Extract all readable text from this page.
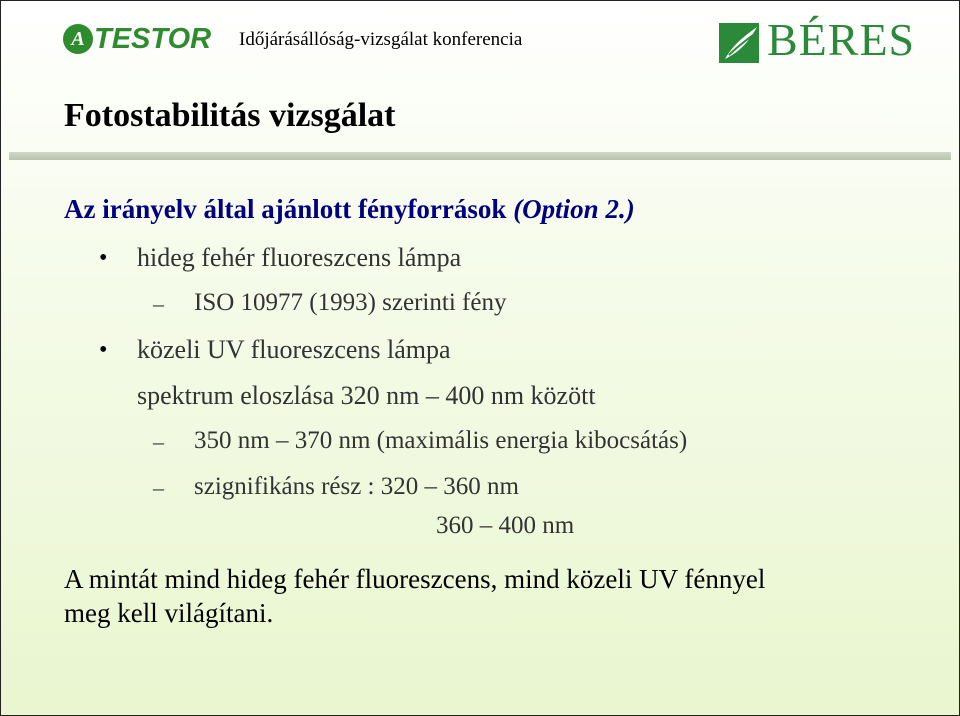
A TESTOR Időjárásállóság-vizsgálat konferencia	BÉRES
Fotostabilitás vizsgálat
Az irányelv által ajánlott fényforrások (Option 2.)
• hideg fehér fluoreszcens lámpa
– ISO 10977 (1993) szerinti fény
• közeli UV fluoreszcens lámpa
spektrum eloszlása 320 nm – 400 nm között
– 350 nm – 370 nm (maximális energia kibocsátás)
– szignifikáns rész : 320 – 360 nm
360 – 400 nm
A mintát mind hideg fehér fluoreszcens, mind közeli UV fénnyel
meg kell világítani.
